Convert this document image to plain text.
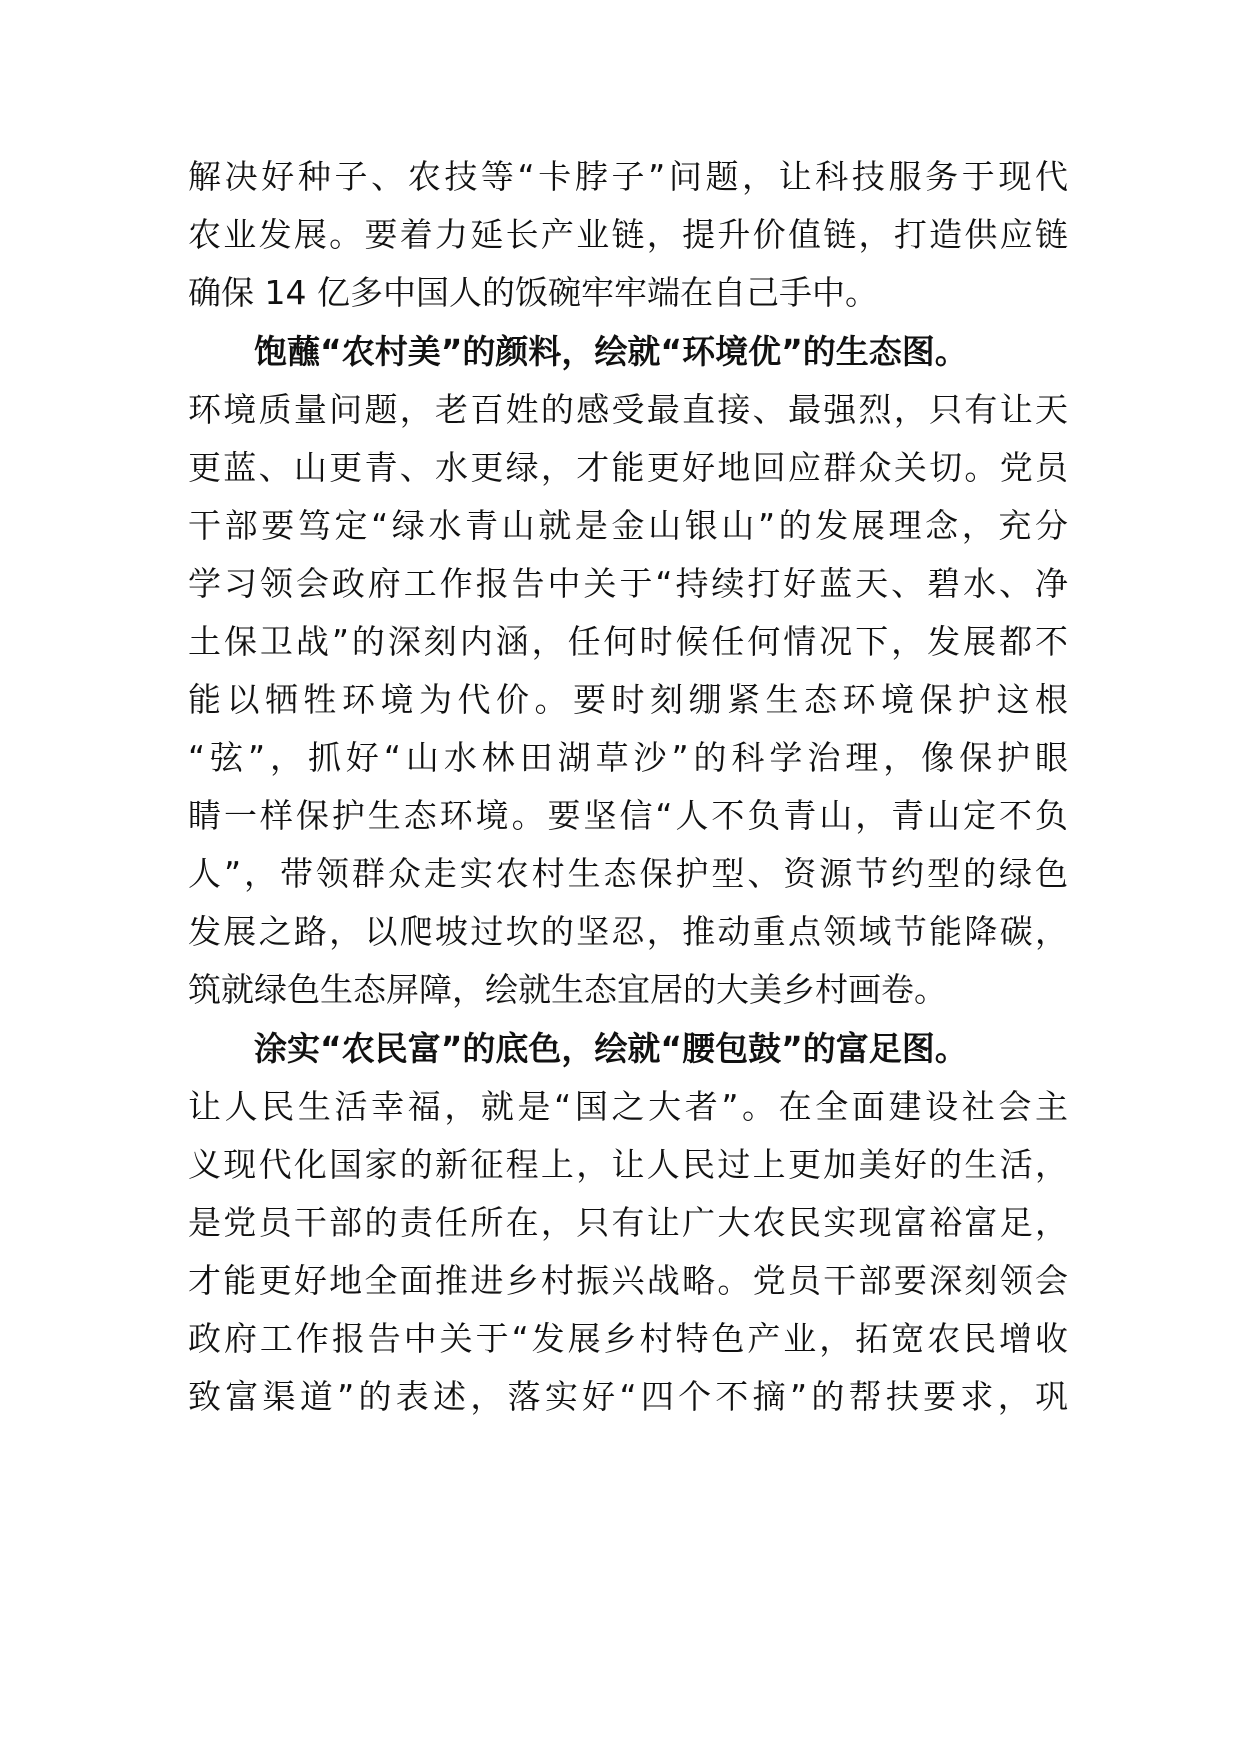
解决好种子、农技等“卡脖子”问题，让科技服务于现代
农业发展。要着力延长产业链，提升价值链，打造供应链
确保 14 亿多中国人的饭碗牢牢端在自己手中。
饱蘸“农村美”的颜料，绘就“环境优”的生态图。
环境质量问题，老百姓的感受最直接、最强烈，只有让天
更蓝、山更青、水更绿，才能更好地回应群众关切。党员
干部要笃定“绿水青山就是金山银山”的发展理念，充分
学习领会政府工作报告中关于“持续打好蓝天、碧水、净
土保卫战”的深刻内涵，任何时候任何情况下，发展都不
能以牺牲环境为代价。要时刻绷紧生态环境保护这根
“弦”，抓好“山水林田湖草沙”的科学治理，像保护眼
睛一样保护生态环境。要坚信“人不负青山，青山定不负
人”，带领群众走实农村生态保护型、资源节约型的绿色
发展之路，以爬坡过坎的坚忍，推动重点领域节能降碳，
筑就绿色生态屏障，绘就生态宜居的大美乡村画卷。
涂实“农民富”的底色，绘就“腰包鼓”的富足图。
让人民生活幸福，就是“国之大者”。在全面建设社会主
义现代化国家的新征程上，让人民过上更加美好的生活，
是党员干部的责任所在，只有让广大农民实现富裕富足，
才能更好地全面推进乡村振兴战略。党员干部要深刻领会
政府工作报告中关于“发展乡村特色产业，拓宽农民增收
致富渠道”的表述，落实好“四个不摘”的帮扶要求，巩
